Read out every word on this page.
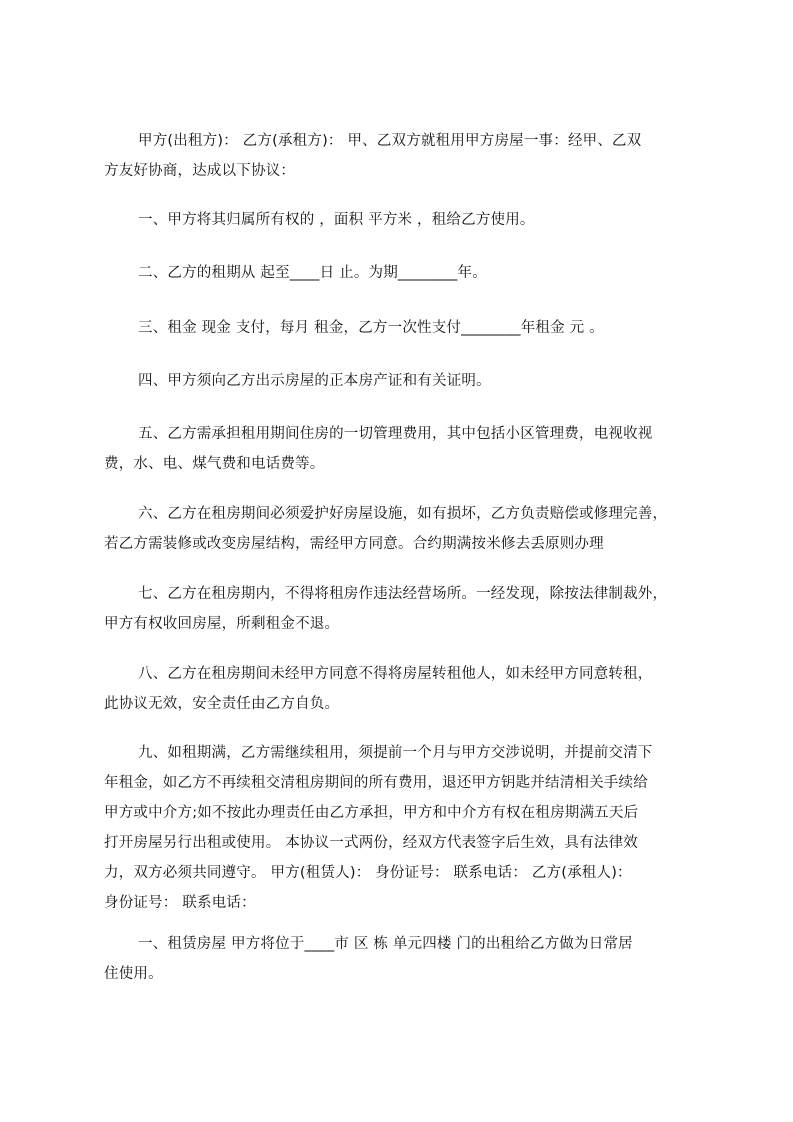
甲方(出租方)： 乙方(承租方)： 甲、乙双方就租用甲方房屋一事：经甲、乙双
方友好协商，达成以下协议：
一、甲方将其归属所有权的 ，面积 平方米 ，租给乙方使用。
二、乙方的租期从 起至____日 止。为期________年。
三、租金 现金 支付，每月 租金，乙方一次性支付________年租金 元 。
四、甲方须向乙方出示房屋的正本房产证和有关证明。
五、乙方需承担租用期间住房的一切管理费用，其中包括小区管理费，电视收视
费，水、电、煤气费和电话费等。
六、乙方在租房期间必须爱护好房屋设施，如有损坏，乙方负责赔偿或修理完善，
若乙方需装修或改变房屋结构，需经甲方同意。合约期满按米修去丢原则办理
七、乙方在租房期内，不得将租房作违法经营场所。一经发现，除按法律制裁外，
甲方有权收回房屋，所剩租金不退。
八、乙方在租房期间未经甲方同意不得将房屋转租他人，如未经甲方同意转租，
此协议无效，安全责任由乙方自负。
九、如租期满，乙方需继续租用，须提前一个月与甲方交涉说明，并提前交清下
年租金，如乙方不再续租交清租房期间的所有费用，退还甲方钥匙并结清相关手续给
甲方或中介方;如不按此办理责任由乙方承担，甲方和中介方有权在租房期满五天后
打开房屋另行出租或使用。 本协议一式两份，经双方代表签字后生效，具有法律效
力，双方必须共同遵守。 甲方(租赁人)： 身份证号： 联系电话： 乙方(承租人)：
身份证号： 联系电话：
一、租赁房屋 甲方将位于____市 区 栋 单元四楼 门的出租给乙方做为日常居
住使用。
